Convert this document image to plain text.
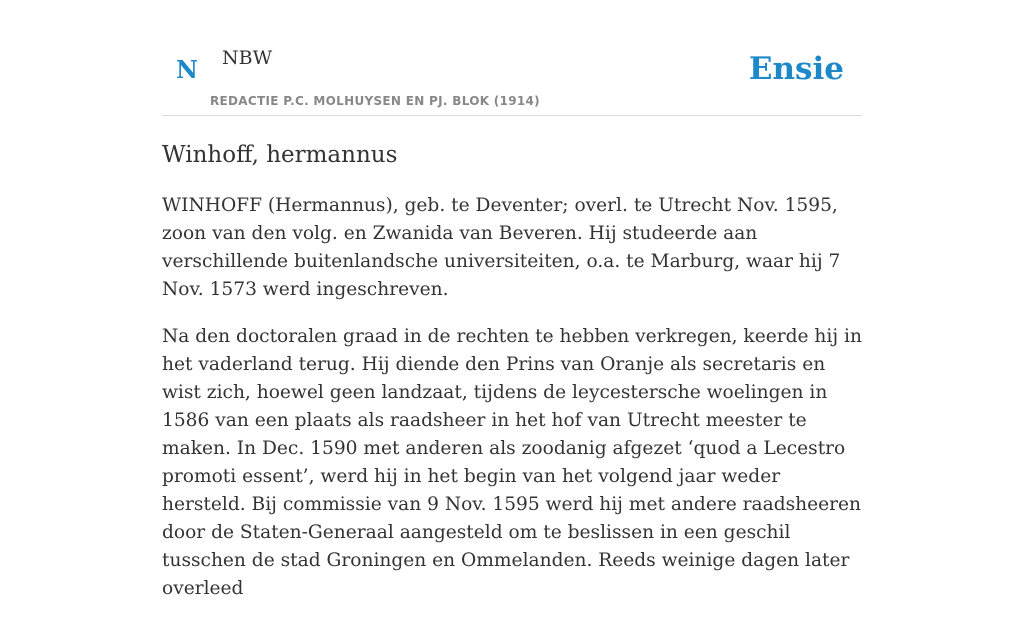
N NBW
REDACTIE P.C. MOLHUYSEN EN PJ. BLOK (1914)
Ensie
Winhoff, hermannus

WINHOFF (Hermannus), geb. te Deventer; overl. te Utrecht Nov. 1595, zoon van den volg. en Zwanida van Beveren. Hij studeerde aan verschillende buitenlandsche universiteiten, o.a. te Marburg, waar hij 7 Nov. 1573 werd ingeschreven.

Na den doctoralen graad in de rechten te hebben verkregen, keerde hij in het vaderland terug. Hij diende den Prins van Oranje als secretaris en wist zich, hoewel geen landzaat, tijdens de leycestersche woelingen in 1586 van een plaats als raadsheer in het hof van Utrecht meester te maken. In Dec. 1590 met anderen als zoodanig afgezet ‘quod a Lecestro promoti essent’, werd hij in het begin van het volgend jaar weder hersteld. Bij commissie van 9 Nov. 1595 werd hij met andere raadsheeren door de Staten-Generaal aangesteld om te beslissen in een geschil tusschen de stad Groningen en Ommelanden. Reeds weinige dagen later overleed
